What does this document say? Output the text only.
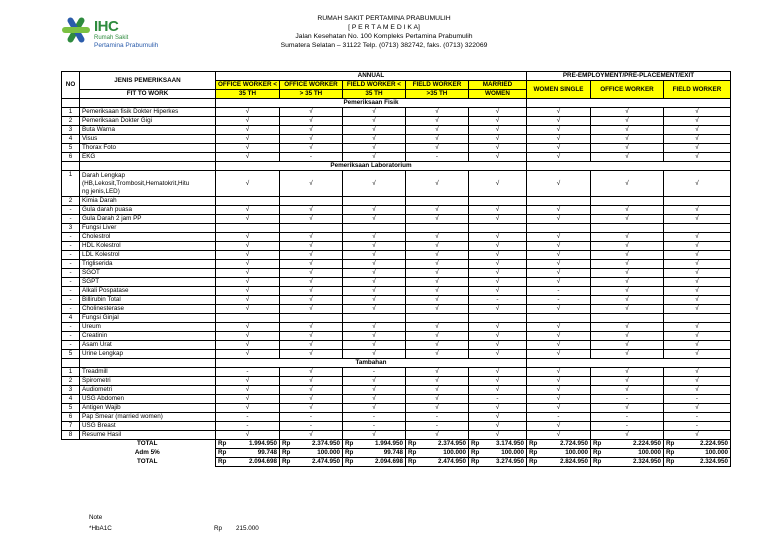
IHC
Rumah Sakit
Pertamina Prabumulih
RUMAH SAKIT PERTAMINA PRABUMULIH
[ P E R T A M E D I K A]
Jalan Kesehatan No. 100 Kompleks Pertamina Prabumulih
Sumatera Selatan – 31122 Telp. (0713) 382742, faks. (0713) 322069
NO	JENIS PEMERIKSAAN	ANNUAL					PRE-EMPLOYMENT/PRE-PLACEMENT/EXIT		
		OFFICE WORKER <	OFFICE WORKER	FIELD WORKER <	FIELD WORKER	MARRIED	WOMEN SINGLE	OFFICE WORKER	FIELD WORKER
	FIT TO WORK	35 TH	> 35 TH	35 TH	>35 TH	WOMEN			
		Pemeriksaan Fisik							
1	Pemeriksaan fisik Dokter Hiperkes	√	√	√	√	√	√	√	√
2	Pemeriksaan Dokter Gigi	√	√	√	√	√	√	√	√
3	Buta Warna	√	√	√	√	√	√	√	√
4	Visus	√	√	√	√	√	√	√	√
5	Thorax Foto	√	√	√	√	√	√	√	√
6	EKG	√	-	√	-	√	√	√	√
		Pemeriksaan Laboratorium							
1	Darah Lengkap
(HB,Lekosit,Trombosit,Hematokrit,Hitu
ng jenis,LED)	√	√	√	√	√	√	√	√
2	Kimia Darah								
-	Gula darah puasa	√	√	√	√	√	√	√	√
-	Gula Darah 2 jam PP	√	√	√	√	√	√	√	√
3	Fungsi Liver								
-	Cholestrol	√	√	√	√	√	√	√	√
-	HDL Kolestrol	√	√	√	√	√	√	√	√
-	LDL Kolestrol	√	√	√	√	√	√	√	√
-	Trigliserida	√	√	√	√	√	√	√	√
-	SGOT	√	√	√	√	√	√	√	√
-	SGPT	√	√	√	√	√	√	√	√
-	Alkali Pospatase	√	√	√	√	√	-	√	√
-	Billirubin Total	√	√	√	√	-	-	√	√
-	Cholinesterase	√	√	√	√	√	√	√	√
4	Fungsi Ginjal								
-	Ureum	√	√	√	√	√	√	√	√
-	Creatinin	√	√	√	√	√	√	√	√
-	Asam Urat	√	√	√	√	√	√	√	√
5	Urine Lengkap	√	√	√	√	√	√	√	√
		Tambahan							
1	Treadmill	-	√	-	√	√	√	√	√
2	Spirometri	√	√	√	√	√	√	√	√
3	Audiometri	√	√	√	√	√	√	√	√
4	USG Abdomen	√	√	√	√	-	√	-	-
5	Antigen Wajib	√	√	√	√	√	√	√	√
6	Pap Smear (married women)	-	-	-	-	√	-	-	-
7	USG Breast	-	-	-	-	√	√	-	-
8	Resume Hasil	√	√	√	√	√	√	√	√
	TOTAL	Rp 1.994.950	Rp 2.374.950	Rp 1.994.950	Rp 2.374.950	Rp 3.174.950	Rp 2.724.950	Rp 2.224.950	Rp 2.224.950

	Adm 5%	Rp 99.748	Rp 100.000	Rp 99.748	Rp 100.000	Rp 100.000	Rp 100.000	Rp 100.000	Rp 100.000

	TOTAL	Rp 2.094.698	Rp 2.474.950	Rp 2.094.698	Rp 2.474.950	Rp 3.274.950	Rp 2.824.950	Rp 2.324.950	Rp 2.324.950
Note
*HbA1C	Rp 215.000
